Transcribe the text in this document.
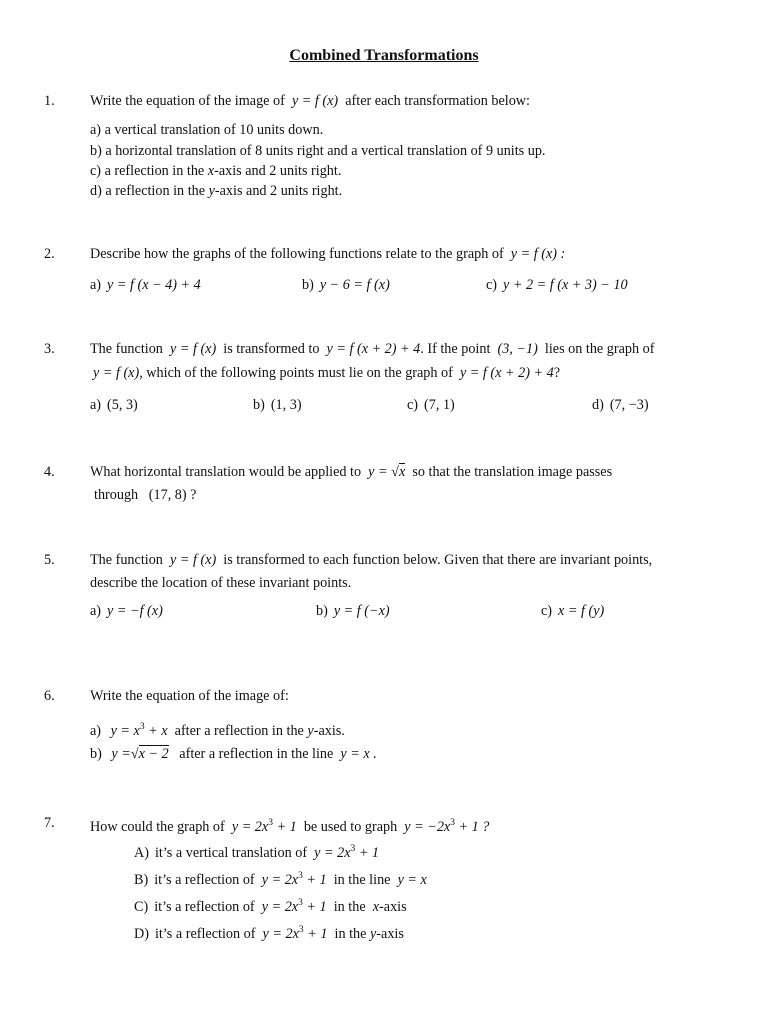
Combined Transformations
1. Write the equation of the image of y = f (x) after each transformation below:
a) a vertical translation of 10 units down.
b) a horizontal translation of 8 units right and a vertical translation of 9 units up.
c) a reflection in the x-axis and 2 units right.
d) a reflection in the y-axis and 2 units right.
2. Describe how the graphs of the following functions relate to the graph of y = f (x) :
a) y = f (x − 4) + 4	b) y − 6 = f (x)	c) y + 2 = f (x + 3) − 10
3. The function y = f (x) is transformed to y = f (x + 2) + 4. If the point (3, −1) lies on the graph of
y = f (x), which of the following points must lie on the graph of y = f (x + 2) + 4?
a) (5, 3)	b) (1, 3)	c) (7, 1)	d) (7, −3)
4. What horizontal translation would be applied to y = √x so that the translation image passes
through (17, 8) ?
5. The function y = f (x) is transformed to each function below. Given that there are invariant points,
describe the location of these invariant points.
a) y = −f (x)	b) y = f (−x)	c) x = f (y)
6. Write the equation of the image of:
a) $y = x^3 + x$ after a reflection in the y-axis.
b) y =√x − 2 after a reflection in the line y = x .
7. How could the graph of $y = 2x^3 + 1$ be used to graph $y = -2x^3 + 1$ ?
A) it’s a vertical translation of $y = 2x^3 + 1$
B) it’s a reflection of $y = 2x^3 + 1$ in the line y = x
C) it’s a reflection of $y = 2x^3 + 1$ in the  x-axis
D) it’s a reflection of $y = 2x^3 + 1$ in the y-axis
